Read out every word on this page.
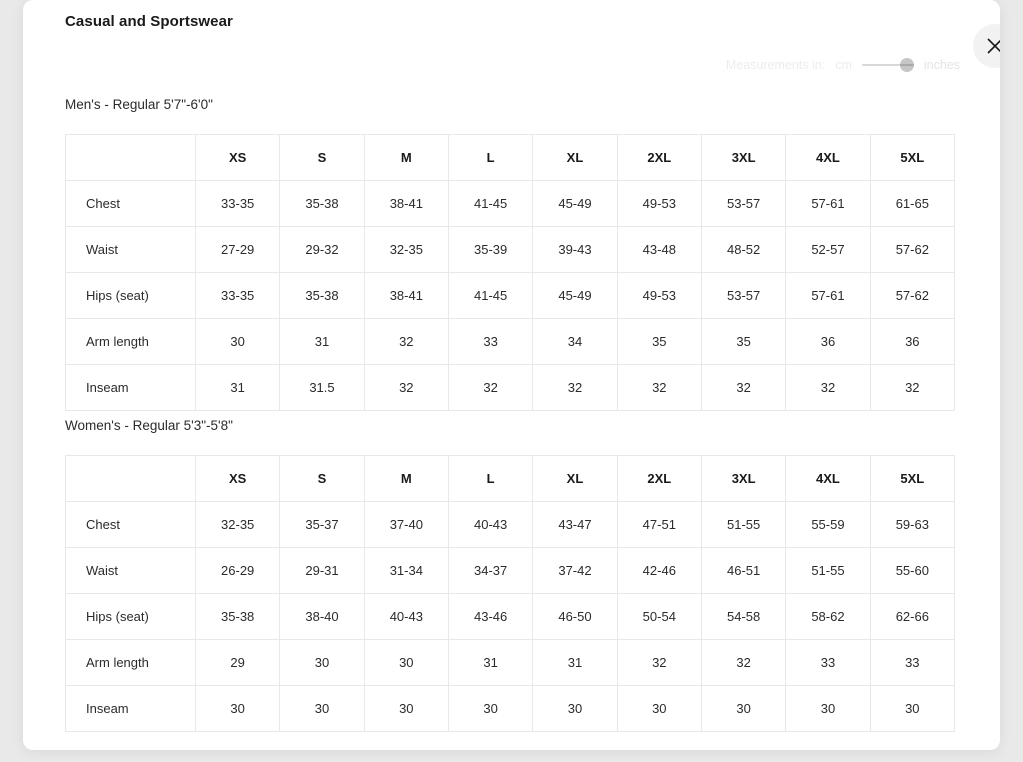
Casual and Sportswear
Measurements in: cm	inches
Men's - Regular 5'7"-6'0"
	XS	S	M	L	XL	2XL	3XL	4XL	5XL
Chest	33-35	35-38	38-41	41-45	45-49	49-53	53-57	57-61	61-65
Waist	27-29	29-32	32-35	35-39	39-43	43-48	48-52	52-57	57-62
Hips (seat)	33-35	35-38	38-41	41-45	45-49	49-53	53-57	57-61	57-62
Arm length	30	31	32	33	34	35	35	36	36
Inseam	31	31.5	32	32	32	32	32	32	32
Women's - Regular 5'3"-5'8"
	XS	S	M	L	XL	2XL	3XL	4XL	5XL
Chest	32-35	35-37	37-40	40-43	43-47	47-51	51-55	55-59	59-63
Waist	26-29	29-31	31-34	34-37	37-42	42-46	46-51	51-55	55-60
Hips (seat)	35-38	38-40	40-43	43-46	46-50	50-54	54-58	58-62	62-66
Arm length	29	30	30	31	31	32	32	33	33
Inseam	30	30	30	30	30	30	30	30	30
